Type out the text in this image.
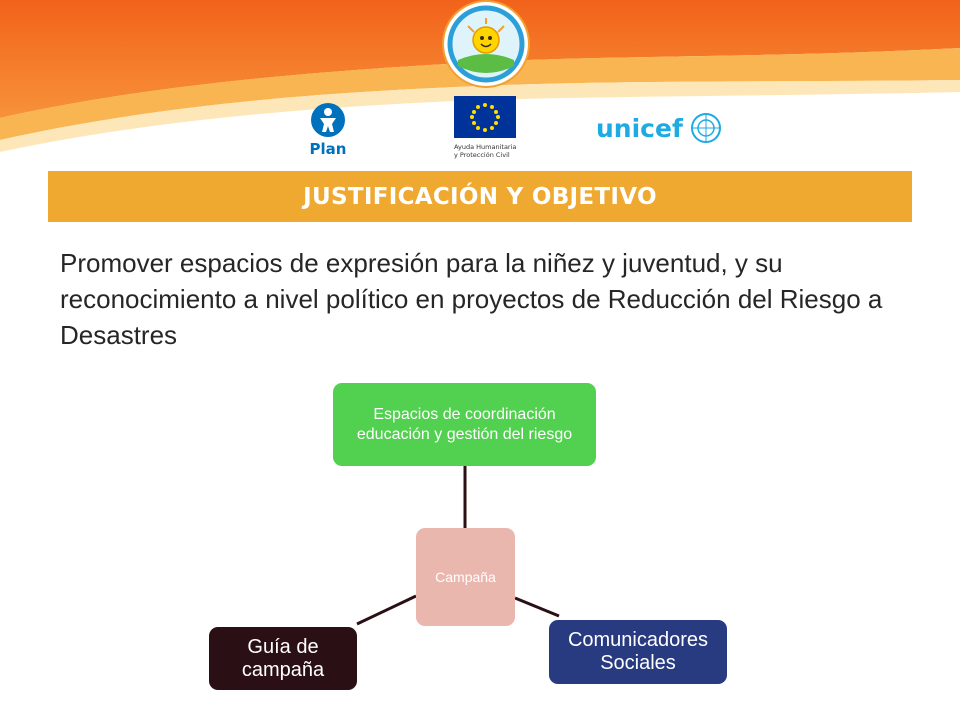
Plan	Ayuda Humanitaria
y Protección Civil
unicef
JUSTIFICACIÓN Y OBJETIVO

Promover espacios de expresión para la niñez y juventud, y su reconocimiento a nivel político en proyectos de Reducción del Riesgo a Desastres

Espacios de coordinación educación y gestión del riesgo
Campaña
Guía de
campaña
Comunicadores
Sociales
